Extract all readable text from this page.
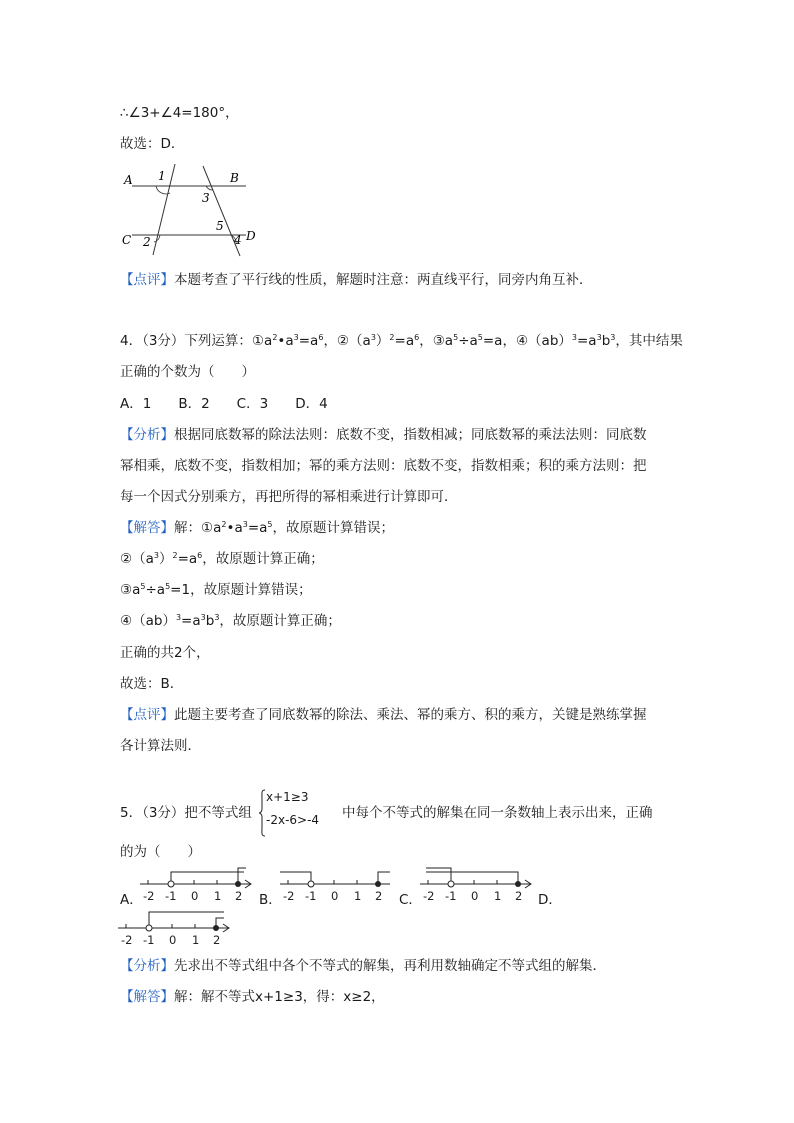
∴∠3+∠4=180°，
故选：D．
A	B
C	D
1
2
3
4
5
【点评】本题考查了平行线的性质，解题时注意：两直线平行，同旁内角互补．
4．（3分）下列运算：$①a^2•a^3=a^6$，$②(a^3)^2=a^6$，$③a^5\div a^5=a$，$④(ab)^3=a^3b^3$，其中结果
正确的个数为（　　）
A．1　　B．2　　C．3　　D．4
【分析】根据同底数幂的除法法则：底数不变，指数相减；同底数幂的乘法法则：同底数
幂相乘，底数不变，指数相加；幂的乘方法则：底数不变，指数相乘；积的乘方法则：把
每一个因式分别乘方，再把所得的幂相乘进行计算即可．
【解答】解：$①a^2•a^3=a^5$，故原题计算错误；
$②(a^3)^2=a^6$，故原题计算正确；
$③a^5\div a^5=1$，故原题计算错误；
$④(ab)^3=a^3b^3$，故原题计算正确；
正确的共2个，
故选：B．
【点评】此题主要考查了同底数幂的除法、乘法、幂的乘方、积的乘方，关键是熟练掌握
各计算法则．
5．（3分）把不等式组
x+1≥3
-2x-6>-4 中每个不等式的解集在同一条数轴上表示出来，正确
的为（　　）
A．	B．	C．	D．
-2 -1 0 1 2	-2 -1 0 1 2	-2 -1 0 1 2
-2 -1 0 1 2
【分析】先求出不等式组中各个不等式的解集，再利用数轴确定不等式组的解集．
【解答】解：解不等式x+1≥3，得：x≥2，
